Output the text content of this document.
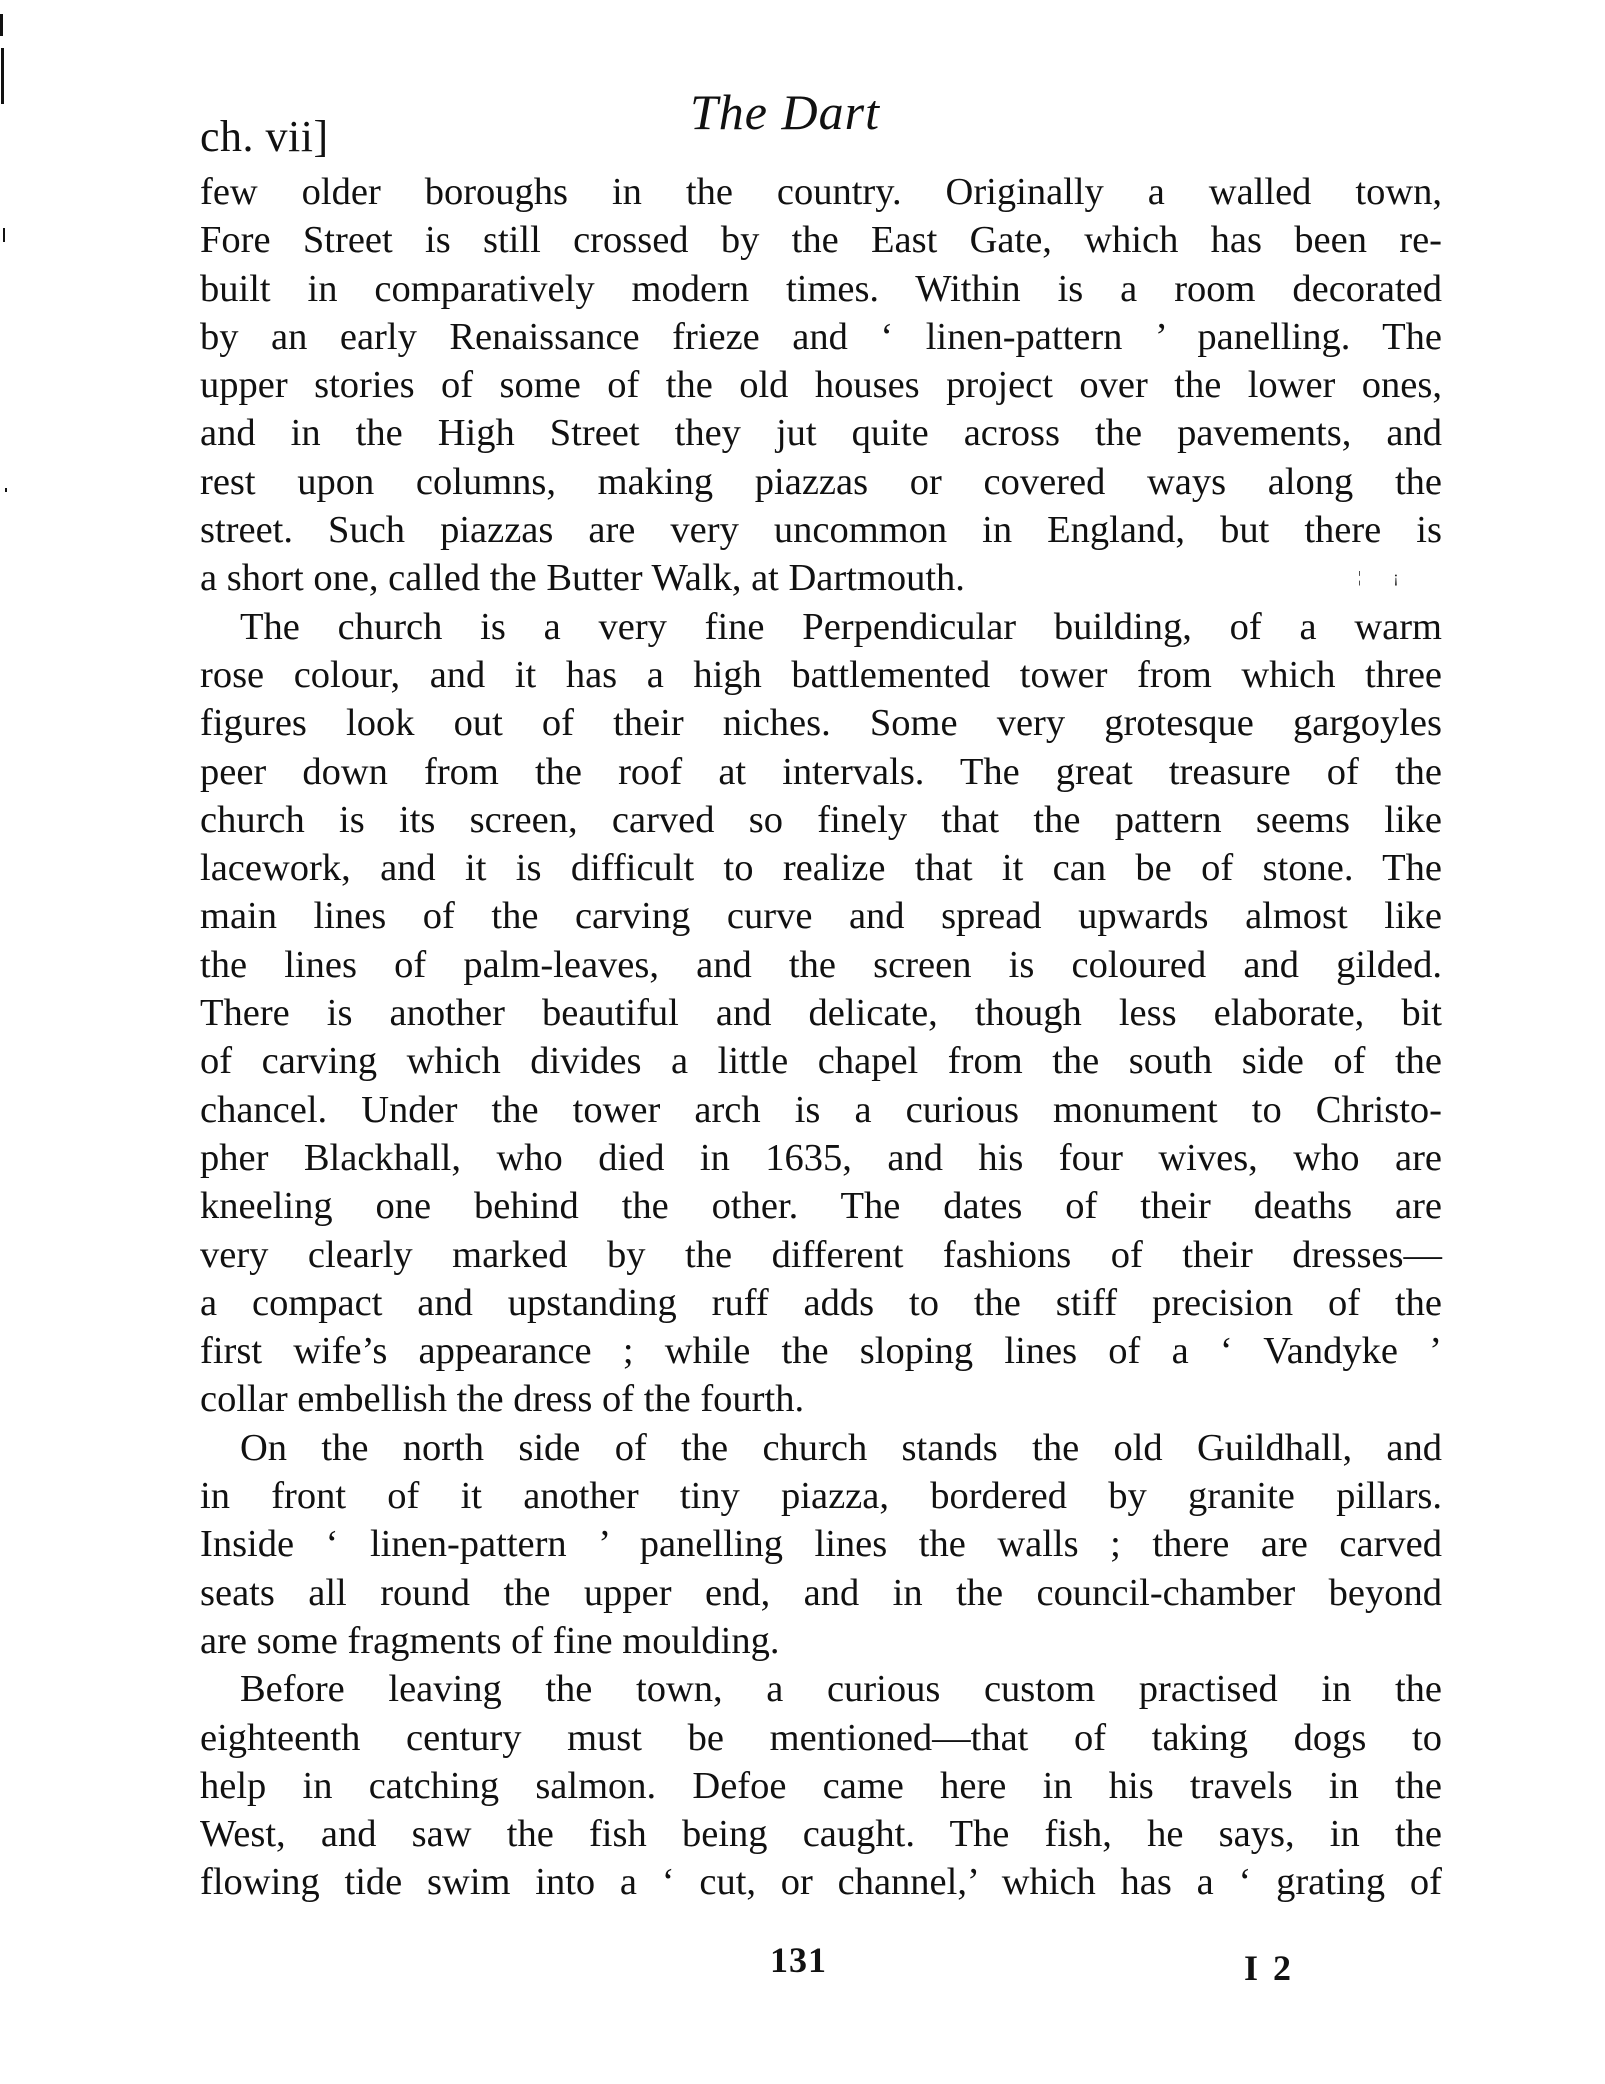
ch. vii]	The Dart
¦ ¡
few older boroughs in the country. Originally a walled town,
Fore Street is still crossed by the East Gate, which has been re-
built in comparatively modern times. Within is a room decorated
by an early Renaissance frieze and ‘ linen-pattern ’ panelling. The
upper stories of some of the old houses project over the lower ones,
and in the High Street they jut quite across the pavements, and
rest upon columns, making piazzas or covered ways along the
street. Such piazzas are very uncommon in England, but there is
a short one, called the Butter Walk, at Dartmouth.
The church is a very fine Perpendicular building, of a warm
rose colour, and it has a high battlemented tower from which three
figures look out of their niches. Some very grotesque gargoyles
peer down from the roof at intervals. The great treasure of the
church is its screen, carved so finely that the pattern seems like
lacework, and it is difficult to realize that it can be of stone. The
main lines of the carving curve and spread upwards almost like
the lines of palm-leaves, and the screen is coloured and gilded.
There is another beautiful and delicate, though less elaborate, bit
of carving which divides a little chapel from the south side of the
chancel. Under the tower arch is a curious monument to Christo-
pher Blackhall, who died in 1635, and his four wives, who are
kneeling one behind the other. The dates of their deaths are
very clearly marked by the different fashions of their dresses—
a compact and upstanding ruff adds to the stiff precision of the
first wife’s appearance ; while the sloping lines of a ‘ Vandyke ’
collar embellish the dress of the fourth.
On the north side of the church stands the old Guildhall, and
in front of it another tiny piazza, bordered by granite pillars.
Inside ‘ linen-pattern ’ panelling lines the walls ; there are carved
seats all round the upper end, and in the council-chamber beyond
are some fragments of fine moulding.
Before leaving the town, a curious custom practised in the
eighteenth century must be mentioned—that of taking dogs to
help in catching salmon. Defoe came here in his travels in the
West, and saw the fish being caught. The fish, he says, in the
flowing tide swim into a ‘ cut, or channel,’ which has a ‘ grating of
131	I 2
